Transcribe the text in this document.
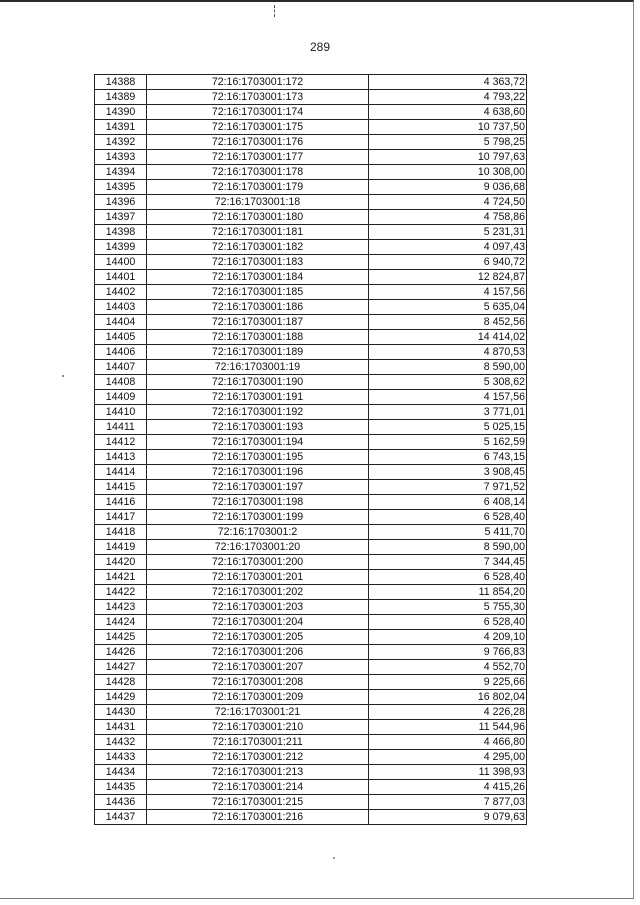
289
14388	72:16:1703001:172	4 363,72
14389	72:16:1703001:173	4 793,22
14390	72:16:1703001:174	4 638,60
14391	72:16:1703001:175	10 737,50
14392	72:16:1703001:176	5 798,25
14393	72:16:1703001:177	10 797,63
14394	72:16:1703001:178	10 308,00
14395	72:16:1703001:179	9 036,68
14396	72:16:1703001:18	4 724,50
14397	72:16:1703001:180	4 758,86
14398	72:16:1703001:181	5 231,31
14399	72:16:1703001:182	4 097,43
14400	72:16:1703001:183	6 940,72
14401	72:16:1703001:184	12 824,87
14402	72:16:1703001:185	4 157,56
14403	72:16:1703001:186	5 635,04
14404	72:16:1703001:187	8 452,56
14405	72:16:1703001:188	14 414,02
14406	72:16:1703001:189	4 870,53
14407	72:16:1703001:19	8 590,00
14408	72:16:1703001:190	5 308,62
14409	72:16:1703001:191	4 157,56
14410	72:16:1703001:192	3 771,01
14411	72:16:1703001:193	5 025,15
14412	72:16:1703001:194	5 162,59
14413	72:16:1703001:195	6 743,15
14414	72:16:1703001:196	3 908,45
14415	72:16:1703001:197	7 971,52
14416	72:16:1703001:198	6 408,14
14417	72:16:1703001:199	6 528,40
14418	72:16:1703001:2	5 411,70
14419	72:16:1703001:20	8 590,00
14420	72:16:1703001:200	7 344,45
14421	72:16:1703001:201	6 528,40
14422	72:16:1703001:202	11 854,20
14423	72:16:1703001:203	5 755,30
14424	72:16:1703001:204	6 528,40
14425	72:16:1703001:205	4 209,10
14426	72:16:1703001:206	9 766,83
14427	72:16:1703001:207	4 552,70
14428	72:16:1703001:208	9 225,66
14429	72:16:1703001:209	16 802,04
14430	72:16:1703001:21	4 226,28
14431	72:16:1703001:210	11 544,96
14432	72:16:1703001:211	4 466,80
14433	72:16:1703001:212	4 295,00
14434	72:16:1703001:213	11 398,93
14435	72:16:1703001:214	4 415,26
14436	72:16:1703001:215	7 877,03
14437	72:16:1703001:216	9 079,63
